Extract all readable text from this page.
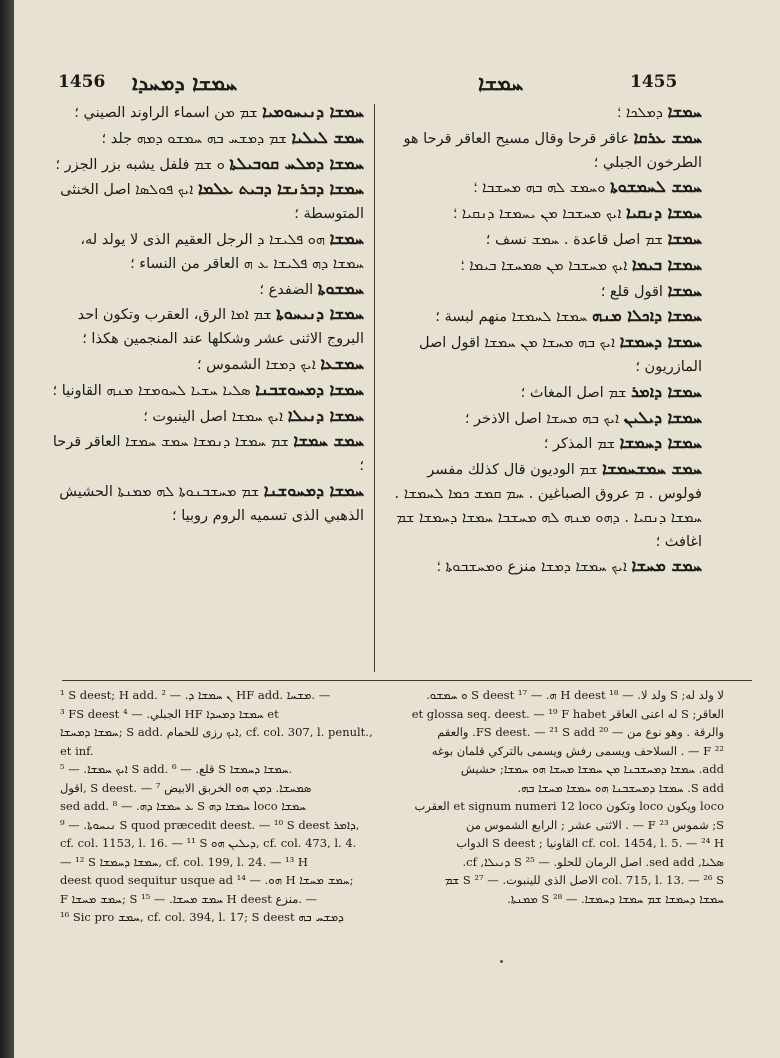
1456 ܚܡܫܐ ܕܡܚܕܐ	ܚܡܫܐ	1455

ܚܡܫܐ ܕܢܝܚܘܡܝܐ ܫܡ ܡن اسماء الراوند الصيني ؛

ܚܡܫ ܠܝܠܝܐ ܫܡ ܕܡܫܚ ܒܗ ܚܡܫܘ ܕܡܗ جلد ؛

ܚܡܫܐ ܕܡܠܚ ܩܘܒܝܠܬܐ ܘ ܫܡ فلفل يشبه بزر الجزر ؛

ܚܡܫܐ ܕܒܪܢܫܐ ܕܒܝܬ ܥܠܡܐ ܐܝܟ ܦܘܠܣܐ اصل الخنثى المتوسطة ؛

ܚܡܫܐ ܗܘ ܦܠܝܫܐ ܕ الرجل العقيم الذى لا يولد له، ܚܡܫܐ ܕܗ ܦܠܝܫܐ ܥ ܗ العاقر من النساء ؛

ܚܡܫܘܬܐ الضفدع ؛

ܚܡܫܐ ܕܢܝܚܘܬܐ ܫܡ ܐܡܐ الرق، العقرب وتكون احد البروج الاثنى عشر وشكلها عند المنجمين هكذا ؛

ܚܡܫܥܐ ܐܝܟ ܕܡܫܐ الشموس ؛

ܚܡܫܐ ܕܡܚܘܫܒܢܐ ܣܠܝܐ ܚܫܝܐ ܠܚܘܡܫܐ ܡܢܗ القاونيا ؛

ܚܡܫܐ ܕܢܝܠܐ ܐܝܟ ܚܡܫܐ اصل الينبوت ؛

ܚܡܫ ܚܡܫܐ ܫܡ ܚܡܫܐ ܕܢܡܫܐ ܚܡܫ ܚܡܫܐ العاقر قرحا ؛

ܚܡܫܐ ܕܡܚܘܫܢܐ ܫܡ ܡܚܫܒܢܘܬܐ ܠܗ ܡܡܢܬܐ الحشيش الذهبي الذى تسميه الروم روبيا ؛

ܚܡܫܐ ܕܡܠܟܐ ؛

ܚܡܫ ܥܪܩܐ عاقر قرحا وقال مسيح العاقر قرحا هو الطرخون الجبلي ؛

ܚܡܫ ܠܚܡܫܘܬܐ ܘܚܡܫ ܠܗ ܒܗ ܡܚܫܒܐ ؛

ܚܡܫܐ ܕܢܩܝܐ ܐܝܟ ܡܚܫܒܐ ܡܢ ܝܚܡܫܐ ܕܢܩܝܐ ؛

ܚܡܫܐ ܫܡ اصل قاعدة . ܚܡܫ نسف ؛

ܚܡܫܐ ܒܝܡܐ ܐܝܟ ܡܚܫܒܐ ܡܢ ܣܡܚܫܐ ܒܝܡܐ ؛

ܚܡܫܐ اقول قلع ؛

ܚܡܫܐ ܕܐܟܠܐ ܡܢܗ ܚܡܫܐ ܠܚܡܫܐ منهم لبسة ؛

ܚܡܫܐ ܕܚܡܫܐ ܐܝܟ ܒܗ ܡܚܫܐ ܡܢ ܚܡܫܐ اقول اصل المازريون ؛

ܚܡܫܐ ܕܐܡܪ ܫܡ اصل المغاث ؛

ܚܡܫܐ ܕܝܠܝܢ ܐܝܟ ܒܗ ܡܚܫܐ اصل الاذخر ؛

ܚܡܫܐ ܕܚܡܫܐ ܫܡ المذكر ؛

ܚܡܫ ܚܡܫܚܡܫܐ ܫܡ الوديون قال كذلك مفسر فولوس . ܡ عروق الصباغين . ܚܡ ܩܡܫ ܟܡܐ ܠܚܡܫܐ . ܚܡܫܐ ܕܢܩܝܐ . ܕܗܘ ܡܢܗ ܠܗ ܡܚܫܒܐ ܚܡܫܐ ܕܚܡܫܐ ܫܡ اغافث ؛

ܚܡܫ ܡܚܫܐ ܐܝܟ ܚܡܫܐ ܕܡܫܐ منزع ܘܡܚܫܒܘܬܐ ؛

¹ S deest; H add. ܢ ܚܡܫܐ ܕ. — ² HF add. ܡܫܚܐ. —

³ FS deest الجبلي. — ⁴ HF ܚܡܫܐ ܕܡܚܕܐ et

ܚܡܫܐ ܕܡܚܫܐ; S add. ܐܝܟ رزى للحمام, cf. col. 307, l. penult., et inf.

ܐܝܟ ܚܡܫܐ. — ⁵ S add. قلع. — ⁶ S ܚܡܫܐ ܕܚܡܫܐ.

اقول, S deest. — ⁷ ܣܡܚܫܐ. ܕܡܢ ܗܘ الخربق الابيض

sed add. ܥ ܚܡܫܐ ܕܗ. — ⁸ S ܚܡܫܐ ܕܗ loco ܚܡܫܐ

ܢܝܚܘܬܐ. — ⁹ S quod præcedit deest. — ¹⁰ S deest ܕܐܡܪ,

cf. col. 1153, l. 16. — ¹¹ S ܕܝܠܝܢ ܗܘ, cf. col. 473, l. 4.

— ¹² S ܚܡܫܐ ܕܚܡܫܐ, cf. col. 199, l. 24. — ¹³ H

deest quod sequitur usque ad ܗܘ. — ¹⁴ H ܚܡܫ ܡܚܫܐ;

F ܚܡܫ ܡܚܫܐ; S ܚܡܫ ܡܚܫܐ. — ¹⁵ H deest منزع. —

¹⁶ Sic pro ܚܡܫ, cf. col. 394, l. 17; S deest ܕܡܫܚ ܒܗ

لا ولد له; S ولد لا. — ¹⁸ H deest ܗ. — ¹⁷ S deest ܘ ܚܡܫܘ.

العاقر; S له اعنى العاقر et glossa seq. deest. — ¹⁹ F habet

والرقة . وهو نوع من — ²⁰ FS deest. — ²¹ S add. والعقم

F ²² — . السلاحف ويسمى رفش ويسمى بالتركي قلمان بوغه

add. ܚܡܫܐ ܕܡܚܫܒܢܐ ܡܢ ܚܡܫܐ ܡܚܫܐ ܗܘ ܚܡܫܐ; حشيش

S add. ܚܡܫܐ ܕܡܚܫܒܢܐ ܗܘ ܚܡܫܐ ܡܚܫܐ ܒܗ.

loco ويكون loco وتكون et signum numeri 12 loco العقرب

S; شموس ²³ F — . الاثنى عشر ; الرابع الشموس من

cf. col. 1454, l. 5. — ²⁴ H القاونيا ; S deest الدواب

ܣܠܝܐ, sed add. اصل الرمان للحلو. — ²⁵ S ܕܢܝܠܐ, cf.

col. 715, l. 13. — ²⁶ S الاصل الذى للينبوت. — ²⁷ S ܫܡ

ܚܡܫܐ ܕܚܡܫܐ ܫܡ ܚܡܫܐ ܕܚܡܫܐ. — ²⁸ S ܡܡܢܬܐ.
